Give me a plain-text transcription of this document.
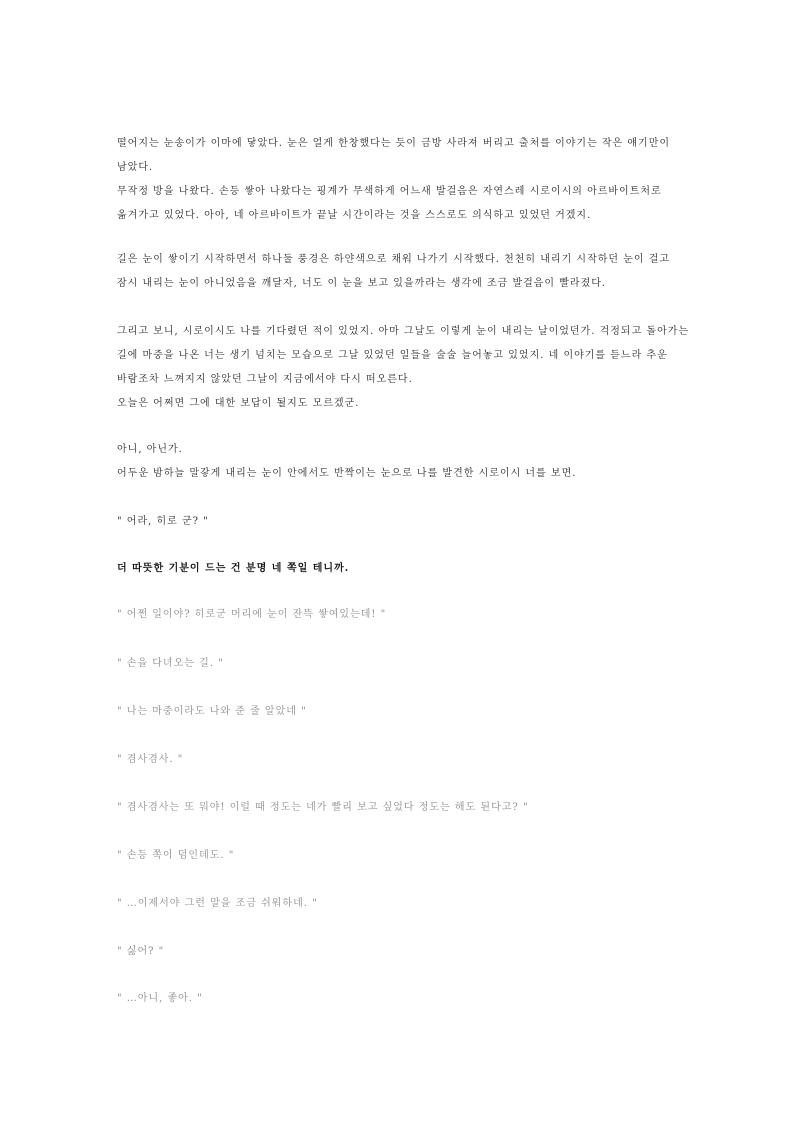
떨어지는 눈송이가 이마에 닿았다. 눈은 얼게 한창했다는 듯이 금방 사라져 버리고 출처를 이야기는 작은 얘기만이 남았다.
무작정 방을 나왔다. 손등 쌓아 나왔다는 핑계가 무색하게 어느새 발걸음은 자연스레 시로이시의 아르바이트처로 옮겨가고 있었다. 아아, 네 아르바이트가 끝날 시간이라는 것을 스스로도 의식하고 있었던 거겠지.
길은 눈이 쌓이기 시작하면서 하나둘 풍경은 하얀색으로 채워 나가기 시작했다. 천천히 내리기 시작하던 눈이 걸고 잠시 내리는 눈이 아니었음을 깨달자, 너도 이 눈을 보고 있을까라는 생각에 조금 발걸음이 빨라졌다.
그리고 보니, 시로이시도 나를 기다렸던 적이 있었지. 아마 그날도 이렇게 눈이 내리는 날이었던가. 걱정되고 돌아가는 길에 마중을 나온 너는 생기 넘치는 모습으로 그날 있었던 일들을 술술 늘어놓고 있었지. 네 이야기를 듣느라 추운 바람조차 느껴지지 않았던 그날이 지금에서야 다시 떠오른다.
오늘은 어쩌면 그에 대한 보답이 될지도 모르겠군.
아니, 아닌가.
어두운 밤하늘 말갛게 내리는 눈이 안에서도 반짝이는 눈으로 나를 발견한 시로이시 너를 보면.
" 어라, 히로 군? "
더 따뜻한 기분이 드는 건 분명 네 쪽일 테니까.
" 어쩐 일이야? 히로군 머리에 눈이 잔뜩 쌓여있는데! "
" 손을 다녀오는 길. "
" 나는 마중이라도 나와 준 줄 알았네 "
" 겸사겸사. "
" 겸사겸사는 또 뭐야! 이럴 때 정도는 네가 빨리 보고 싶었다 정도는 해도 된다고? "
" 손등 쪽이 덤인데도. "
" …이제서야 그런 말을 조금 쉬워하네. "
" 싫어? "
" …아니, 좋아. "
